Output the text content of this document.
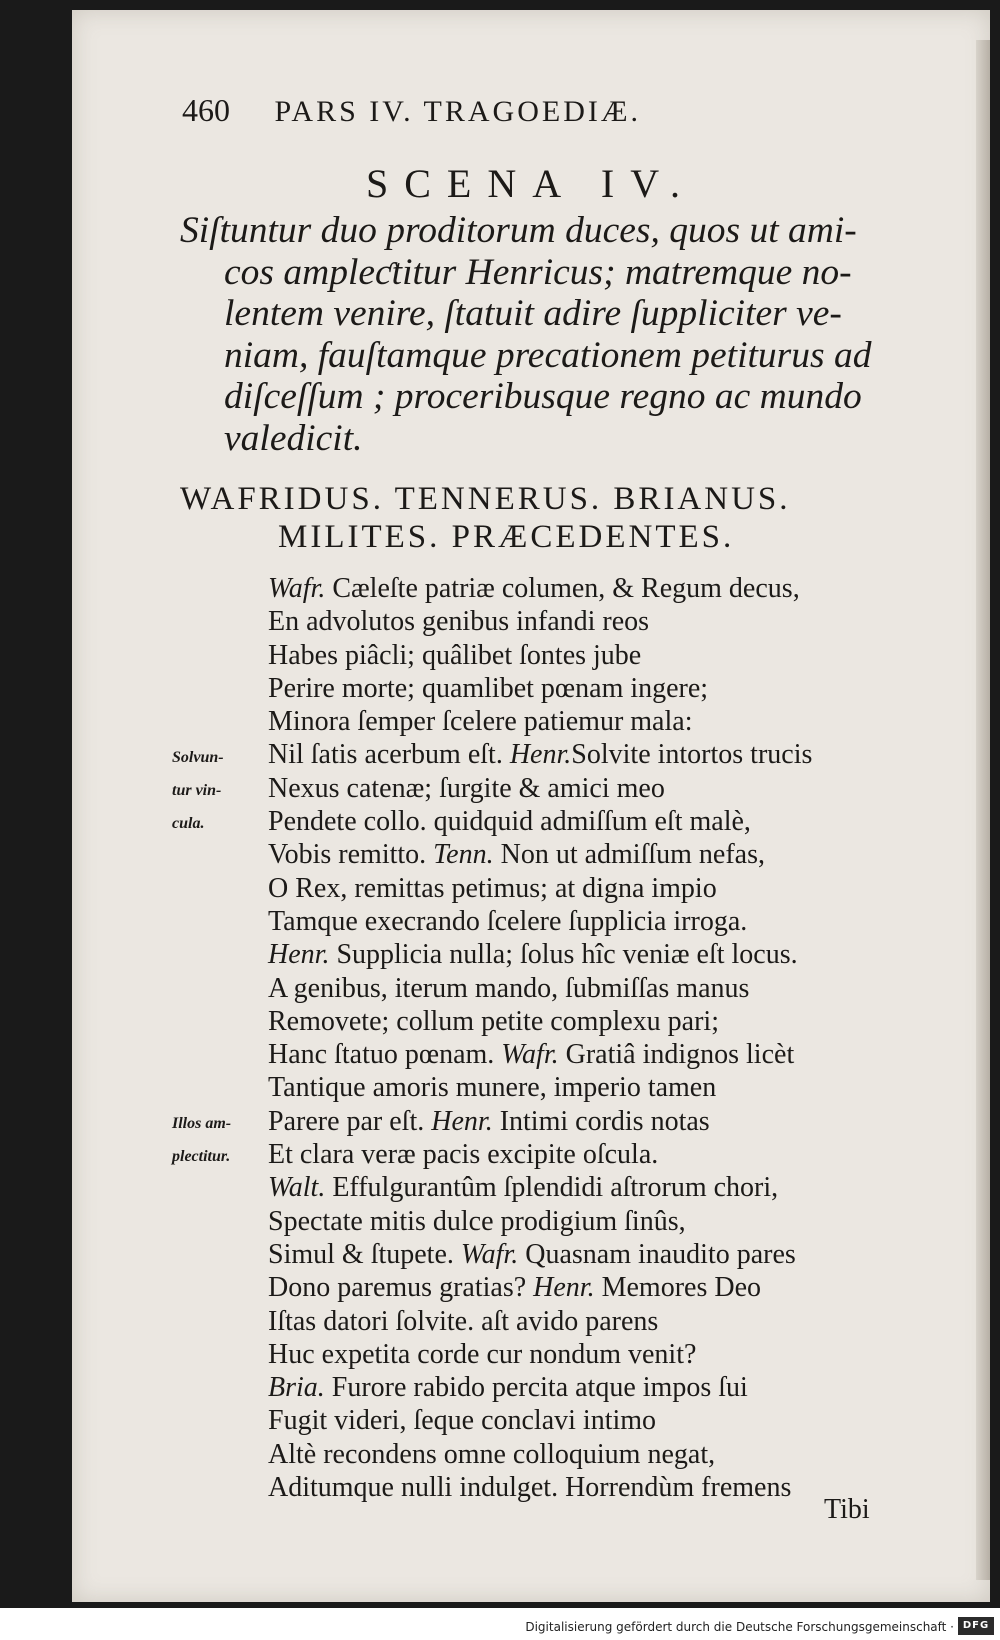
460 PARS IV. TRAGOEDIÆ.
SCENA IV.
Siſtuntur duo proditorum duces, quos ut ami-
cos ampleƈtitur Henricus; matremque no-
lentem venire, ſtatuit adire ſuppliciter ve-
niam, fauſtamque precationem petiturus ad
diſceſſum ; proceribusque regno ac mundo
valedicit.
WAFRIDUS. TENNERUS. BRIANUS.
MILITES. PRÆCEDENTES.
Wafr. Cæleſte patriæ columen, & Regum decus,
En advolutos genibus infandi reos
Habes piâcli; quâlibet ſontes jube
Perire morte; quamlibet pœnam ingere;
Minora ſemper ſcelere patiemur mala:
Nil ſatis acerbum eſt. Henr.Solvite intortos trucis
Nexus catenæ; ſurgite & amici meo
Pendete collo. quidquid admiſſum eſt malè,
Vobis remitto. Tenn. Non ut admiſſum nefas,
O Rex, remittas petimus; at digna impio
Tamque execrando ſcelere ſupplicia irroga.
Henr. Supplicia nulla; ſolus hîc veniæ eſt locus.
A genibus, iterum mando, ſubmiſſas manus
Removete; collum petite complexu pari;
Hanc ſtatuo pœnam. Wafr. Gratiâ indignos licèt
Tantique amoris munere, imperio tamen
Parere par eſt. Henr. Intimi cordis notas
Et clara veræ pacis excipite oſcula.
Walt. Effulgurantûm ſplendidi aſtrorum chori,
Spectate mitis dulce prodigium ſinûs,
Simul & ſtupete. Wafr. Quasnam inaudito pares
Dono paremus gratias? Henr. Memores Deo
Iſtas datori ſolvite. aſt avido parens
Huc expetita corde cur nondum venit?
Bria. Furore rabido percita atque impos ſui
Fugit videri, ſeque conclavi intimo
Altè recondens omne colloquium negat,
Aditumque nulli indulget. Horrendùm fremens
Solvun-
tur vin-
cula.
Illos am-
plectitur.
Tibi
Digitalisierung gefördert durch die Deutsche Forschungsgemeinschaft · DFG
